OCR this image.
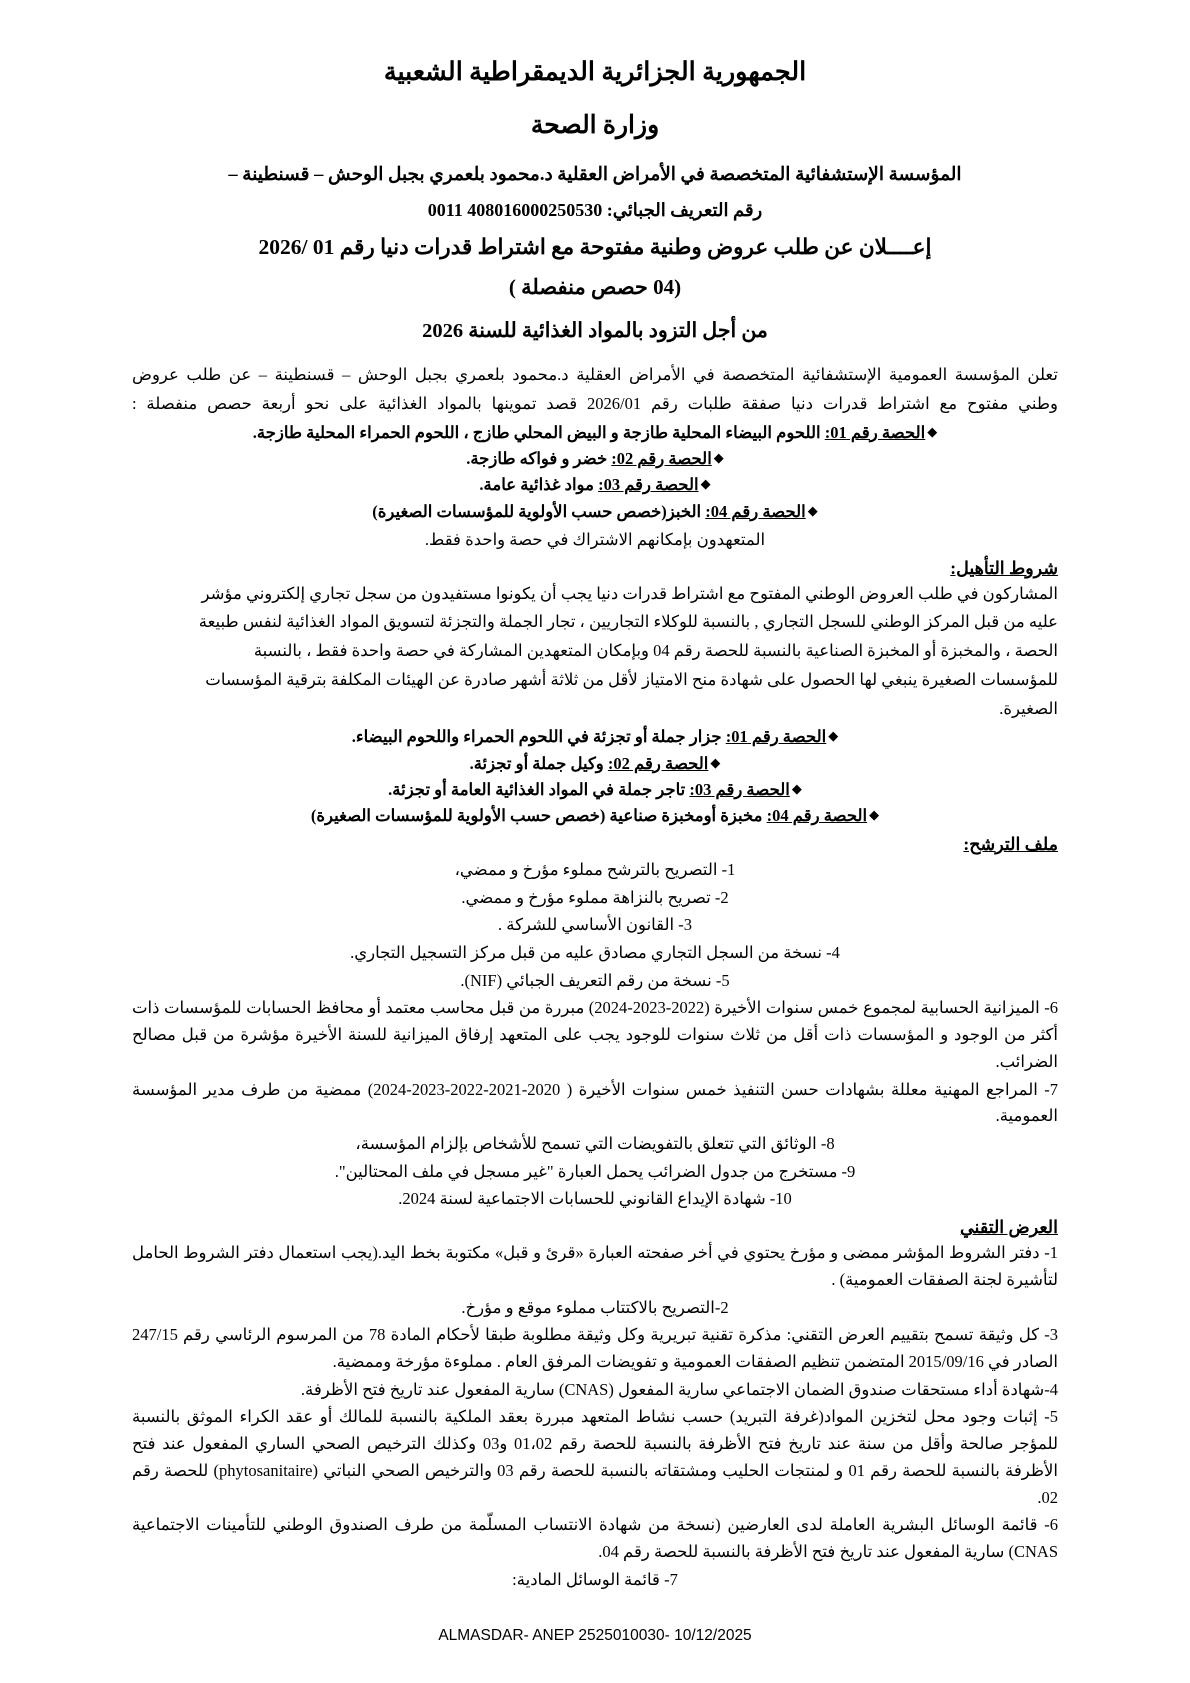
الجمهورية الجزائرية الديمقراطية الشعبية
وزارة الصحة
المؤسسة الإستشفائية المتخصصة في الأمراض العقلية د.محمود بلعمري بجبل الوحش – قسنطينة –
رقم التعريف الجبائي: 408016000250530 0011
إعــــلان عن طلب عروض وطنية مفتوحة مع اشتراط قدرات دنيا رقم 01 /2026
(04 حصص منفصلة )
من أجل التزود بالمواد الغذائية للسنة 2026
تعلن المؤسسة العمومية الإستشفائية المتخصصة في الأمراض العقلية د.محمود بلعمري بجبل الوحش – قسنطينة – عن طلب عروض
وطني مفتوح مع اشتراط قدرات دنيا صفقة طلبات رقم 2026/01 قصد تموينها بالمواد الغذائية على نحو أربعة حصص منفصلة :
◆الحصة رقم 01: اللحوم البيضاء المحلية طازجة و البيض المحلي طازج ، اللحوم الحمراء المحلية طازجة.
◆الحصة رقم 02: خضر و فواكه طازجة.
◆الحصة رقم 03: مواد غذائية عامة.
◆الحصة رقم 04: الخبز(خصص حسب الأولوية للمؤسسات الصغيرة)
المتعهدون بإمكانهم الاشتراك في حصة واحدة فقط.
شروط التأهيل:
المشاركون في طلب العروض الوطني المفتوح مع اشتراط قدرات دنيا يجب أن يكونوا مستفيدون من سجل تجاري إلكتروني مؤشر
عليه من قبل المركز الوطني للسجل التجاري , بالنسبة للوكلاء التجاريين ، تجار الجملة والتجزئة لتسويق المواد الغذائية لنفس طبيعة
الحصة ، والمخبزة أو المخبزة الصناعية بالنسبة للحصة رقم 04 وبإمكان المتعهدين المشاركة في حصة واحدة فقط ، بالنسبة
للمؤسسات الصغيرة ينبغي لها الحصول على شهادة منح الامتياز لأقل من ثلاثة أشهر صادرة عن الهيئات المكلفة بترقية المؤسسات
الصغيرة.
◆الحصة رقم 01: جزار جملة أو تجزئة في اللحوم الحمراء واللحوم البيضاء.
◆الحصة رقم 02: وكيل جملة أو تجزئة.
◆الحصة رقم 03: تاجر جملة في المواد الغذائية العامة أو تجزئة.
◆الحصة رقم 04: مخبزة أومخبزة صناعية (خصص حسب الأولوية للمؤسسات الصغيرة)
ملف الترشح:
1- التصريح بالترشح مملوء مؤرخ و ممضي،
2- تصريح بالنزاهة مملوء مؤرخ و ممضي.
3- القانون الأساسي للشركة .
4- نسخة من السجل التجاري مصادق عليه من قبل مركز التسجيل التجاري.
5- نسخة من رقم التعريف الجبائي (NIF).
6- الميزانية الحسابية لمجموع خمس سنوات الأخيرة (2022-2023-2024) مبررة من قبل محاسب معتمد أو محافظ الحسابات للمؤسسات ذات أكثر من الوجود و المؤسسات ذات أقل من ثلاث سنوات للوجود يجب على المتعهد إرفاق الميزانية للسنة الأخيرة مؤشرة من قبل مصالح الضرائب.
7- المراجع المهنية معللة بشهادات حسن التنفيذ خمس سنوات الأخيرة ( 2020-2021-2022-2023-2024) ممضية من طرف مدير المؤسسة العمومية.
8- الوثائق التي تتعلق بالتفويضات التي تسمح للأشخاص بإلزام المؤسسة،
9- مستخرج من جدول الضرائب يحمل العبارة "غير مسجل في ملف المحتالين".
10- شهادة الإيداع القانوني للحسابات الاجتماعية لسنة 2024.
العرض التقني
1- دفتر الشروط المؤشر ممضى و مؤرخ يحتوي في أخر صفحته العبارة «قرئ و قبل» مكتوبة بخط اليد.(يجب استعمال دفتر الشروط الحامل لتأشيرة لجنة الصفقات العمومية) .
2-التصريح بالاكتتاب مملوء موقع و مؤرخ.
3- كل وثيقة تسمح بتقييم العرض التقني: مذكرة تقنية تبريرية وكل وثيقة مطلوبة طبقا لأحكام المادة 78 من المرسوم الرئاسي رقم 247/15 الصادر في 2015/09/16 المتضمن تنظيم الصفقات العمومية و تفويضات المرفق العام . مملوءة مؤرخة وممضية.
4-شهادة أداء مستحقات صندوق الضمان الاجتماعي سارية المفعول (CNAS) سارية المفعول عند تاريخ فتح الأظرفة.
5- إثبات وجود محل لتخزين المواد(غرفة التبريد) حسب نشاط المتعهد مبررة بعقد الملكية بالنسبة للمالك أو عقد الكراء الموثق بالنسبة للمؤجر صالحة وأقل من سنة عند تاريخ فتح الأظرفة بالنسبة للحصة رقم 01،02 و03 وكذلك الترخيص الصحي الساري المفعول عند فتح الأظرفة بالنسبة للحصة رقم 01 و لمنتجات الحليب ومشتقاته بالنسبة للحصة رقم 03 والترخيص الصحي النباتي (phytosanitaire) للحصة رقم 02.
6- قائمة الوسائل البشرية العاملة لدى العارضين (نسخة من شهادة الانتساب المسلّمة من طرف الصندوق الوطني للتأمينات الاجتماعية CNAS) سارية المفعول عند تاريخ فتح الأظرفة بالنسبة للحصة رقم 04.
7- قائمة الوسائل المادية:
ALMASDAR- ANEP 2525010030- 10/12/2025
